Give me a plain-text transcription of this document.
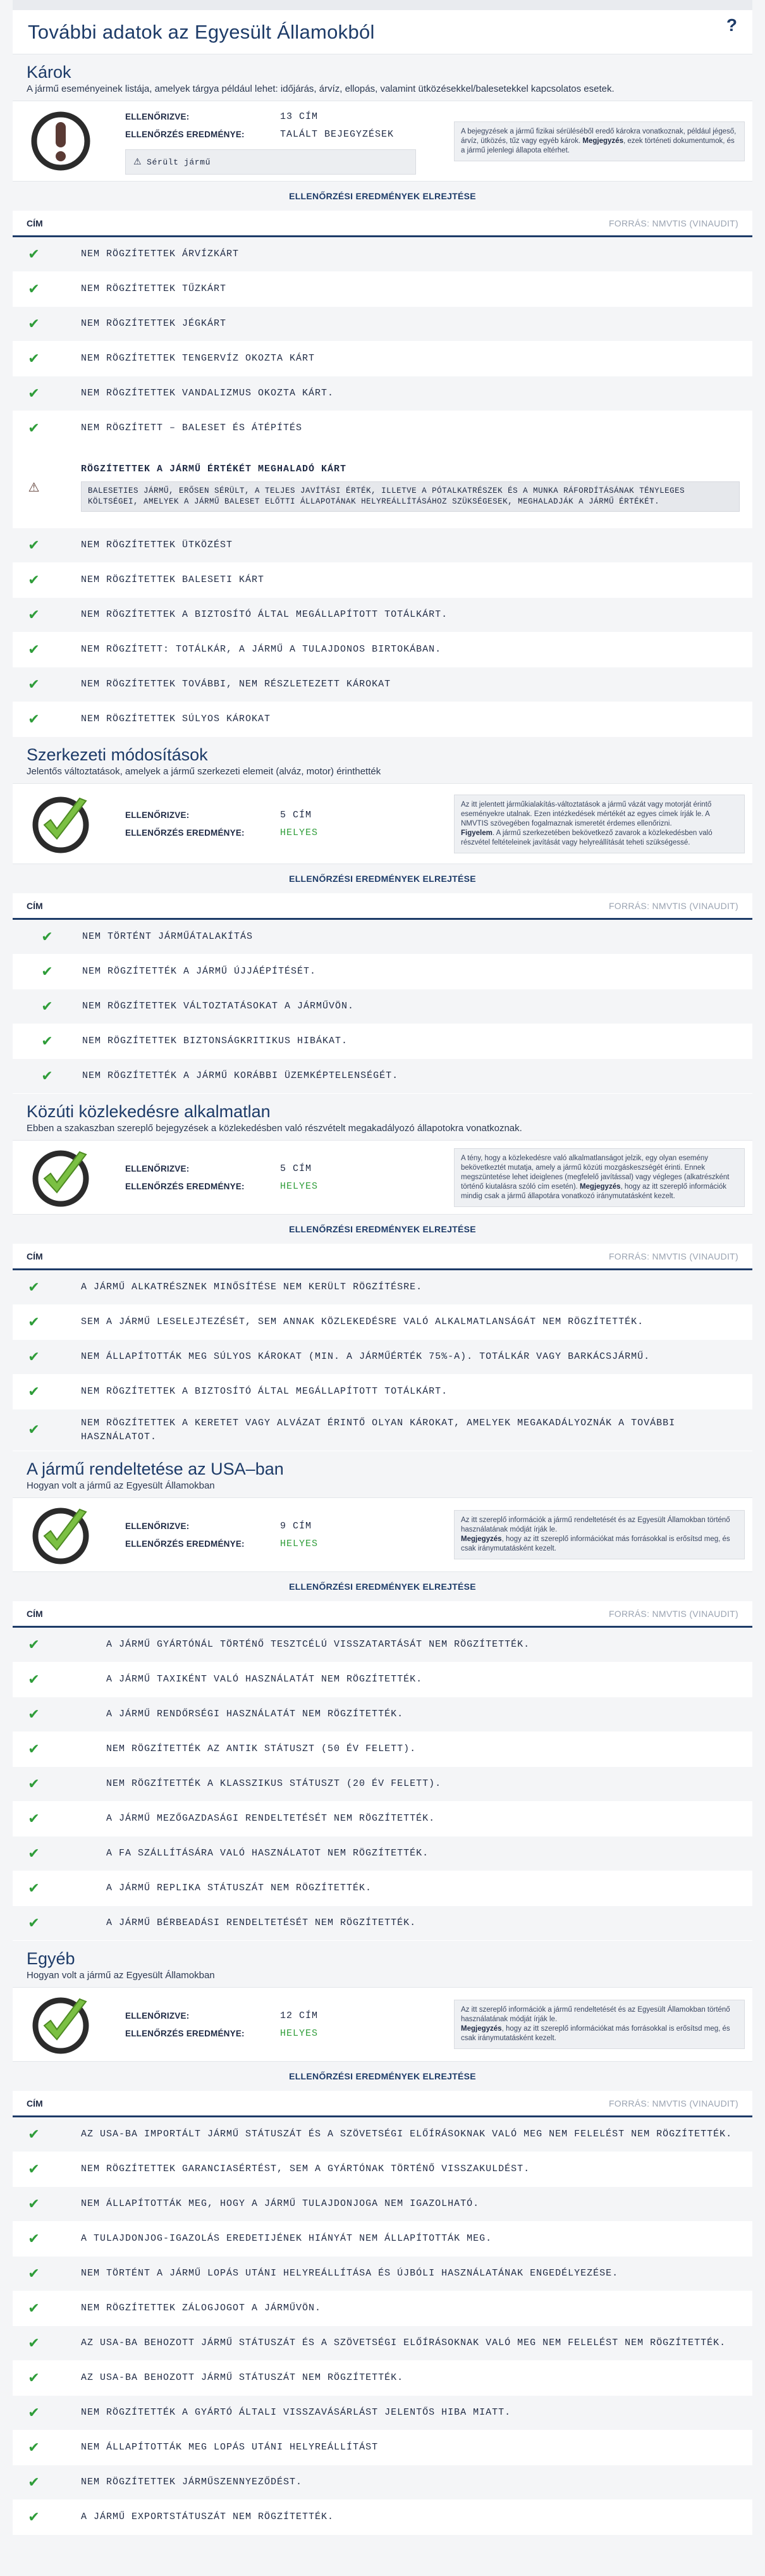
További adatok az Egyesült Államokból	?
Károk

A jármű eseményeinek listája, amelyek tárgya például lehet: időjárás, árvíz, ellopás, valamint ütközésekkel/balesetekkel kapcsolatos esetek.

ELLENŐRIZVE:	13 CÍM
ELLENŐRZÉS EREDMÉNYE:	TALÁLT BEJEGYZÉSEK
⚠ Sérült jármű
A bejegyzések a jármű fizikai sérüléséből eredő károkra vonatkoznak, például jégeső, árvíz, ütközés, tűz vagy egyéb károk. Megjegyzés, ezek történeti dokumentumok, és a jármű jelenlegi állapota eltérhet.
ELLENŐRZÉSI EREDMÉNYEK ELREJTÉSE
CÍM	FORRÁS: NMVTIS (VINAUDIT)
✔	NEM RÖGZÍTETTEK ÁRVÍZKÁRT
✔	NEM RÖGZÍTETTEK TŰZKÁRT
✔	NEM RÖGZÍTETTEK JÉGKÁRT
✔	NEM RÖGZÍTETTEK TENGERVÍZ OKOZTA KÁRT
✔	NEM RÖGZÍTETTEK VANDALIZMUS OKOZTA KÁRT.
✔	NEM RÖGZÍTETT – BALESET ÉS ÁTÉPÍTÉS
⚠
RÖGZÍTETTEK A JÁRMŰ ÉRTÉKÉT MEGHALADÓ KÁRT
BALESETIES JÁRMŰ, ERŐSEN SÉRÜLT, A TELJES JAVÍTÁSI ÉRTÉK, ILLETVE A PÓTALKATRÉSZEK ÉS A MUNKA RÁFORDÍTÁSÁNAK TÉNYLEGES KÖLTSÉGEI, AMELYEK A JÁRMŰ BALESET ELŐTTI ÁLLAPOTÁNAK HELYREÁLLÍTÁSÁHOZ SZÜKSÉGESEK, MEGHALADJÁK A JÁRMŰ ÉRTÉKÉT.
✔	NEM RÖGZÍTETTEK ÜTKÖZÉST
✔	NEM RÖGZÍTETTEK BALESETI KÁRT
✔	NEM RÖGZÍTETTEK A BIZTOSÍTÓ ÁLTAL MEGÁLLAPÍTOTT TOTÁLKÁRT.
✔	NEM RÖGZÍTETT: TOTÁLKÁR, A JÁRMŰ A TULAJDONOS BIRTOKÁBAN.
✔	NEM RÖGZÍTETTEK TOVÁBBI, NEM RÉSZLETEZETT KÁROKAT
✔	NEM RÖGZÍTETTEK SÚLYOS KÁROKAT
Szerkezeti módosítások

Jelentős változtatások, amelyek a jármű szerkezeti elemeit (alváz, motor) érinthették

ELLENŐRIZVE:	5 CÍM
ELLENŐRZÉS EREDMÉNYE:	HELYES
Az itt jelentett járműkialakítás-változtatások a jármű vázát vagy motorját érintő eseményekre utalnak. Ezen intézkedések mértékét az egyes címek írják le. A NMVTIS szövegében fogalmaznak ismeretét érdemes ellenőrizni.
Figyelem. A jármű szerkezetében bekövetkező zavarok a közlekedésben való részvétel feltételeinek javítását vagy helyreállítását teheti szükségessé.
ELLENŐRZÉSI EREDMÉNYEK ELREJTÉSE
CÍM	FORRÁS: NMVTIS (VINAUDIT)
✔	NEM TÖRTÉNT JÁRMŰÁTALAKÍTÁS
✔	NEM RÖGZÍTETTÉK A JÁRMŰ ÚJJÁÉPÍTÉSÉT.
✔	NEM RÖGZÍTETTEK VÁLTOZTATÁSOKAT A JÁRMŰVÖN.
✔	NEM RÖGZÍTETTEK BIZTONSÁGKRITIKUS HIBÁKAT.
✔	NEM RÖGZÍTETTÉK A JÁRMŰ KORÁBBI ÜZEMKÉPTELENSÉGÉT.
Közúti közlekedésre alkalmatlan

Ebben a szakaszban szereplő bejegyzések a közlekedésben való részvételt megakadályozó állapotokra vonatkoznak.

ELLENŐRIZVE:	5 CÍM
ELLENŐRZÉS EREDMÉNYE:	HELYES
A tény, hogy a közlekedésre való alkalmatlanságot jelzik, egy olyan esemény bekövetkeztét mutatja, amely a jármű közúti mozgáskeszségét érinti. Ennek megszüntetése lehet ideiglenes (megfelelő javítással) vagy végleges (alkatrészként történő kiutalásra szóló cím esetén). Megjegyzés, hogy az itt szereplő információk mindig csak a jármű állapotára vonatkozó iránymutatásként kezelt.
ELLENŐRZÉSI EREDMÉNYEK ELREJTÉSE
CÍM	FORRÁS: NMVTIS (VINAUDIT)
✔	A JÁRMŰ ALKATRÉSZNEK MINŐSÍTÉSE NEM KERÜLT RÖGZÍTÉSRE.
✔	SEM A JÁRMŰ LESELEJTEZÉSÉT, SEM ANNAK KÖZLEKEDÉSRE VALÓ ALKALMATLANSÁGÁT NEM RÖGZÍTETTÉK.
✔	NEM ÁLLAPÍTOTTÁK MEG SÚLYOS KÁROKAT (MIN. A JÁRMŰÉRTÉK 75%-A). TOTÁLKÁR VAGY BARKÁCSJÁRMŰ.
✔	NEM RÖGZÍTETTEK A BIZTOSÍTÓ ÁLTAL MEGÁLLAPÍTOTT TOTÁLKÁRT.
✔	NEM RÖGZÍTETTEK A KERETET VAGY ALVÁZAT ÉRINTŐ OLYAN KÁROKAT, AMELYEK MEGAKADÁLYOZNÁK A TOVÁBBI HASZNÁLATOT.
A jármű rendeltetése az USA–ban

Hogyan volt a jármű az Egyesült Államokban

ELLENŐRIZVE:	9 CÍM
ELLENŐRZÉS EREDMÉNYE:	HELYES
Az itt szereplő információk a jármű rendeltetését és az Egyesült Államokban történő használatának módját írják le.
Megjegyzés, hogy az itt szereplő információkat más forrásokkal is erősítsd meg, és csak iránymutatásként kezelt.
ELLENŐRZÉSI EREDMÉNYEK ELREJTÉSE
CÍM	FORRÁS: NMVTIS (VINAUDIT)
✔	A JÁRMŰ GYÁRTÓNÁL TÖRTÉNŐ TESZTCÉLÚ VISSZATARTÁSÁT NEM RÖGZÍTETTÉK.
✔	A JÁRMŰ TAXIKÉNT VALÓ HASZNÁLATÁT NEM RÖGZÍTETTÉK.
✔	A JÁRMŰ RENDŐRSÉGI HASZNÁLATÁT NEM RÖGZÍTETTÉK.
✔	NEM RÖGZÍTETTÉK AZ ANTIK STÁTUSZT (50 ÉV FELETT).
✔	NEM RÖGZÍTETTÉK A KLASSZIKUS STÁTUSZT (20 ÉV FELETT).
✔	A JÁRMŰ MEZŐGAZDASÁGI RENDELTETÉSÉT NEM RÖGZÍTETTÉK.
✔	A FA SZÁLLÍTÁSÁRA VALÓ HASZNÁLATOT NEM RÖGZÍTETTÉK.
✔	A JÁRMŰ REPLIKA STÁTUSZÁT NEM RÖGZÍTETTÉK.
✔	A JÁRMŰ BÉRBEADÁSI RENDELTETÉSÉT NEM RÖGZÍTETTÉK.
Egyéb

Hogyan volt a jármű az Egyesült Államokban

ELLENŐRIZVE:	12 CÍM
ELLENŐRZÉS EREDMÉNYE:	HELYES
Az itt szereplő információk a jármű rendeltetését és az Egyesült Államokban történő használatának módját írják le.
Megjegyzés, hogy az itt szereplő információkat más forrásokkal is erősítsd meg, és csak iránymutatásként kezelt.
ELLENŐRZÉSI EREDMÉNYEK ELREJTÉSE
CÍM	FORRÁS: NMVTIS (VINAUDIT)
✔	AZ USA-BA IMPORTÁLT JÁRMŰ STÁTUSZÁT ÉS A SZÖVETSÉGI ELŐÍRÁSOKNAK VALÓ MEG NEM FELELÉST NEM RÖGZÍTETTÉK.
✔	NEM RÖGZÍTETTEK GARANCIASÉRTÉST, SEM A GYÁRTÓNAK TÖRTÉNŐ VISSZAKULDÉST.
✔	NEM ÁLLAPÍTOTTÁK MEG, HOGY A JÁRMŰ TULAJDONJOGA NEM IGAZOLHATÓ.
✔	A TULAJDONJOG-IGAZOLÁS EREDETIJÉNEK HIÁNYÁT NEM ÁLLAPÍTOTTÁK MEG.
✔	NEM TÖRTÉNT A JÁRMŰ LOPÁS UTÁNI HELYREÁLLÍTÁSA ÉS ÚJBÓLI HASZNÁLATÁNAK ENGEDÉLYEZÉSE.
✔	NEM RÖGZÍTETTEK ZÁLOGJOGOT A JÁRMŰVÖN.
✔	AZ USA-BA BEHOZOTT JÁRMŰ STÁTUSZÁT ÉS A SZÖVETSÉGI ELŐÍRÁSOKNAK VALÓ MEG NEM FELELÉST NEM RÖGZÍTETTÉK.
✔	AZ USA-BA BEHOZOTT JÁRMŰ STÁTUSZÁT NEM RÖGZÍTETTÉK.
✔	NEM RÖGZÍTETTÉK A GYÁRTÓ ÁLTALI VISSZAVÁSÁRLÁST JELENTŐS HIBA MIATT.
✔	NEM ÁLLAPÍTOTTÁK MEG LOPÁS UTÁNI HELYREÁLLÍTÁST
✔	NEM RÖGZÍTETTEK JÁRMŰSZENNYEZŐDÉST.
✔	A JÁRMŰ EXPORTSTÁTUSZÁT NEM RÖGZÍTETTÉK.
